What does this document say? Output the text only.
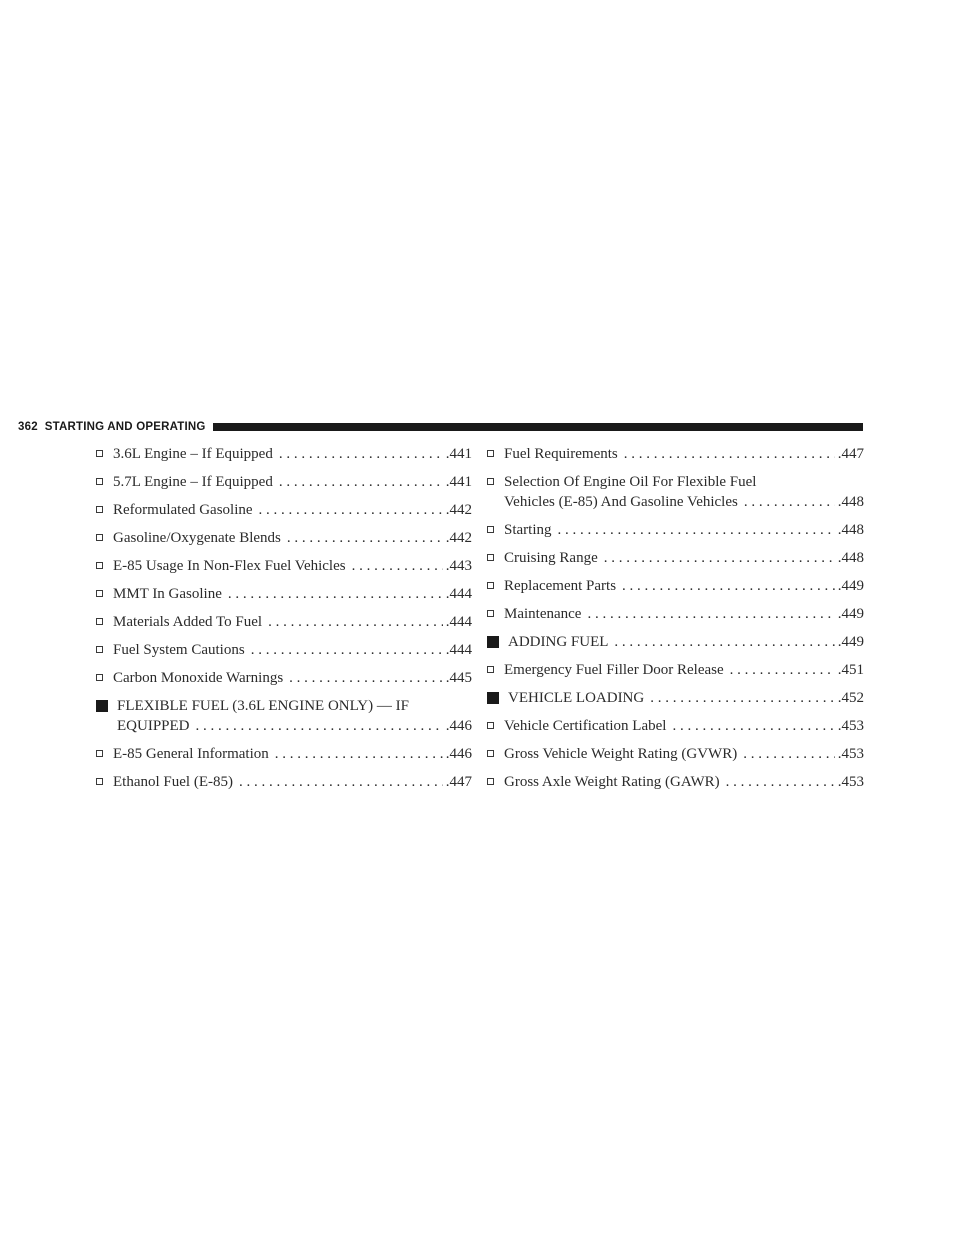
362 STARTING AND OPERATING
3.6L Engine – If Equipped . . .	.441
5.7L Engine – If Equipped . . .	.441
Reformulated Gasoline . . .	.442
Gasoline/Oxygenate Blends . . .	.442
E-85 Usage In Non-Flex Fuel Vehicles . . .	.443
MMT In Gasoline . . .	.444
Materials Added To Fuel . . .	.444
Fuel System Cautions . . .	.444
Carbon Monoxide Warnings . . .	.445
FLEXIBLE FUEL (3.6L ENGINE ONLY) — IF
EQUIPPED . . .	.446
E-85 General Information . . .	.446
Ethanol Fuel (E-85) . . .	.447
Fuel Requirements . . .	.447
Selection Of Engine Oil For Flexible Fuel
Vehicles (E-85) And Gasoline Vehicles . . .	.448
Starting . . .	.448
Cruising Range . . .	.448
Replacement Parts . . .	.449
Maintenance . . .	.449
ADDING FUEL . . .	.449
Emergency Fuel Filler Door Release . . .	.451
VEHICLE LOADING . . .	.452
Vehicle Certification Label . . .	.453
Gross Vehicle Weight Rating (GVWR) . . .	.453
Gross Axle Weight Rating (GAWR) . . .	.453
